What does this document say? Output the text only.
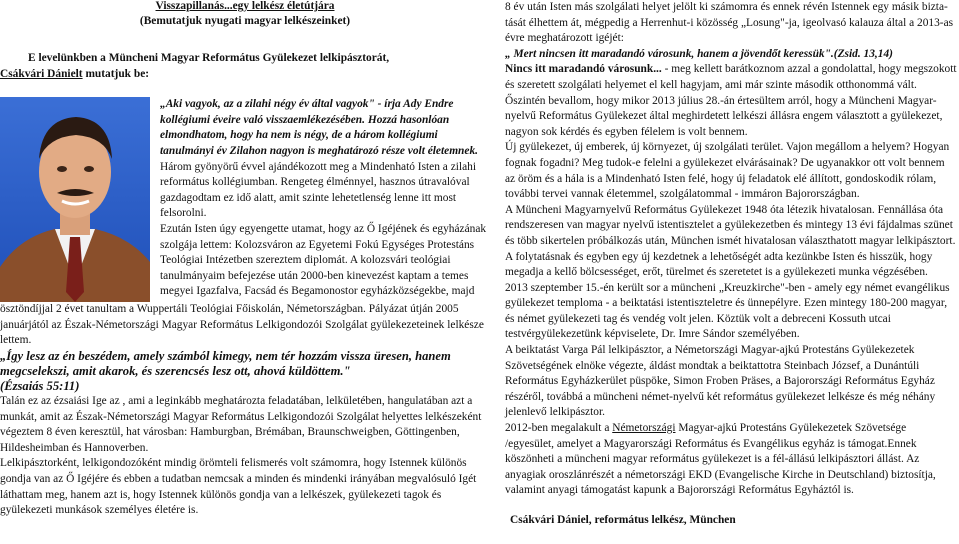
Visszapillanás...egy lelkész életútjára

(Bemutatjuk nyugati magyar lelkészeinket)

E levelünkben a Müncheni Magyar Református Gyülekezet lelkipásztorát,

Csákvári Dánielt mutatjuk be:

„Aki vagyok, az a zilahi négy év által vagyok" - írja Ady Endre kollégiumi éveire való visszaemlékezésében. Hozzá hasonlóan elmondhatom, hogy ha nem is négy, de a három kollégiumi tanulmányi év Zilahon nagyon is meghatározó része volt életemnek.

Három gyönyörű évvel ajándékozott meg a Mindenható Isten a zilahi református kollégiumban. Rengeteg élménnyel, hasznos útravalóval gazdagodtam ez idő alatt, amit szinte lehetetlenség lenne itt most felsorolni.

Ezután Isten úgy egyengette utamat, hogy az Ő Igéjének és egyházának szolgája lettem: Kolozsváron az Egyetemi Fokú Egységes Protestáns Teológiai Intézetben szereztem diplomát. A kolozsvári teológiai tanulmányaim befejezése után 2000-ben kinevezést kaptam a temes megyei Igazfalva, Facsád és Begamonostor egyházközségekbe, majd

ösztöndíjjal 2 évet tanultam a Wuppertáli Teológiai Főiskolán, Németországban. Pályázat útján 2005 januárjától az Észak-Németországi Magyar Református Lelkigondozói Szolgálat gyülekezeteinek lelkésze lettem.

„Így lesz az én beszédem, amely számból kimegy, nem tér hozzám vissza üresen, hanem megcselekszi, amit akarok, és szerencsés lesz ott, ahová küldöttem."

(Ézsaiás 55:11)

Talán ez az ézsaiási Ige az , ami a leginkább meghatározta feladatában, lelkületében, hangulatában azt a munkát, amit az Észak-Németországi Magyar Református Lelkigondozói Szolgálat helyettes lelkészeként végeztem 8 éven keresztül, hat városban: Hamburgban, Brémában, Braunschweigben, Göttingenben, Hildesheimban és Hannoverben.

Lelkipásztorként, lelkigondozóként mindig örömteli felismerés volt számomra, hogy Istennek különös gondja van az Ő Igéjére és ebben a tudatban nemcsak a minden és mindenki irányában megvalósuló Igét láthattam meg, hanem azt is, hogy Istennek különös gondja van a lelkészek, gyülekezeti tagok és gyülekezeti munkások személyes életére is.

8 év után Isten más szolgálati helyet jelölt ki számomra és ennek révén Istennek egy másik biztatását élhettem át, mégpedig a Herrenhut-i közösség „Losung"-ja, igeolvasó kalauza által a 2013-as évre meghatározott igéjét:

„ Mert nincsen itt maradandó városunk, hanem a jövendőt keressük".(Zsid. 13,14)

Nincs itt maradandó városunk... - meg kellett barátkoznom azzal a gondolattal, hogy megszokott és szeretett szolgálati helyemet el kell hagyjam, ami már szinte második otthonommá vált. Őszintén bevallom, hogy mikor 2013 július 28.-án értesültem arról, hogy a Müncheni Magyar-nyelvű Református Gyülekezet által meghirdetett lelkészi állásra engem választott a gyülekezet, nagyon sok kérdés és egyben félelem is volt bennem.

Új gyülekezet, új emberek, új környezet, új szolgálati terület. Vajon megállom a helyem? Hogyan fognak fogadni? Meg tudok-e felelni a gyülekezet elvárásainak? De ugyanakkor ott volt bennem az öröm és a hála is a Mindenható Isten felé, hogy új feladatok elé állított, gondoskodik rólam, további tervei vannak életemmel, szolgálatommal - immáron Bajorországban.

A Müncheni Magyarnyelvű Református Gyülekezet 1948 óta létezik hivatalosan. Fennállása óta rendszeresen van magyar nyelvű istentisztelet a gyülekezetben és mintegy 13 évi fájdalmas szünet és több sikertelen próbálkozás után, München ismét hivatalosan választhatott magyar lelkipásztort. A folytatásnak és egyben egy új kezdetnek a lehetőségét adta kezünkbe Isten és hisszük, hogy megadja a kellő bölcsességet, erőt, türelmet és szeretetet is a gyülekezeti munka végzésében.

2013 szeptember 15.-én került sor a müncheni „Kreuzkirche"-ben - amely egy német evangélikus gyülekezet temploma - a beiktatási istentiszteletre és ünnepélyre. Ezen mintegy 180-200 magyar, és német gyülekezeti tag és vendég volt jelen. Köztük volt a debreceni Kossuth utcai testvérgyülekezetünk képviselete, Dr. Imre Sándor személyében.

A beiktatást Varga Pál lelkipásztor, a Németországi Magyar-ajkú Protestáns Gyülekezetek Szövetségének elnöke végezte, áldást mondtak a beiktattotra Steinbach József, a Dunántúli Református Egyházkerület püspöke, Simon Froben Präses, a Bajorországi Református Egyház részéről, továbbá a müncheni német-nyelvű két református gyülekezet lelkésze és még néhány jelenlevő lelkipásztor.

2012-ben megalakult a Németországi Magyar-ajkú Protestáns Gyülekezetek Szövetsége /egyesület, amelyet a Magyarországi Református és Evangélikus egyház is támogat.Ennek köszönheti a müncheni magyar református gyülekezet is a fél-állású lelkipásztori állást. Az anyagiak oroszlánrészét a németországi EKD (Evangelische Kirche in Deutschland) biztosítja, valamint anyagi támogatást kapunk a Bajorországi Református Egyháztól is.

Csákvári Dániel, református lelkész, München
